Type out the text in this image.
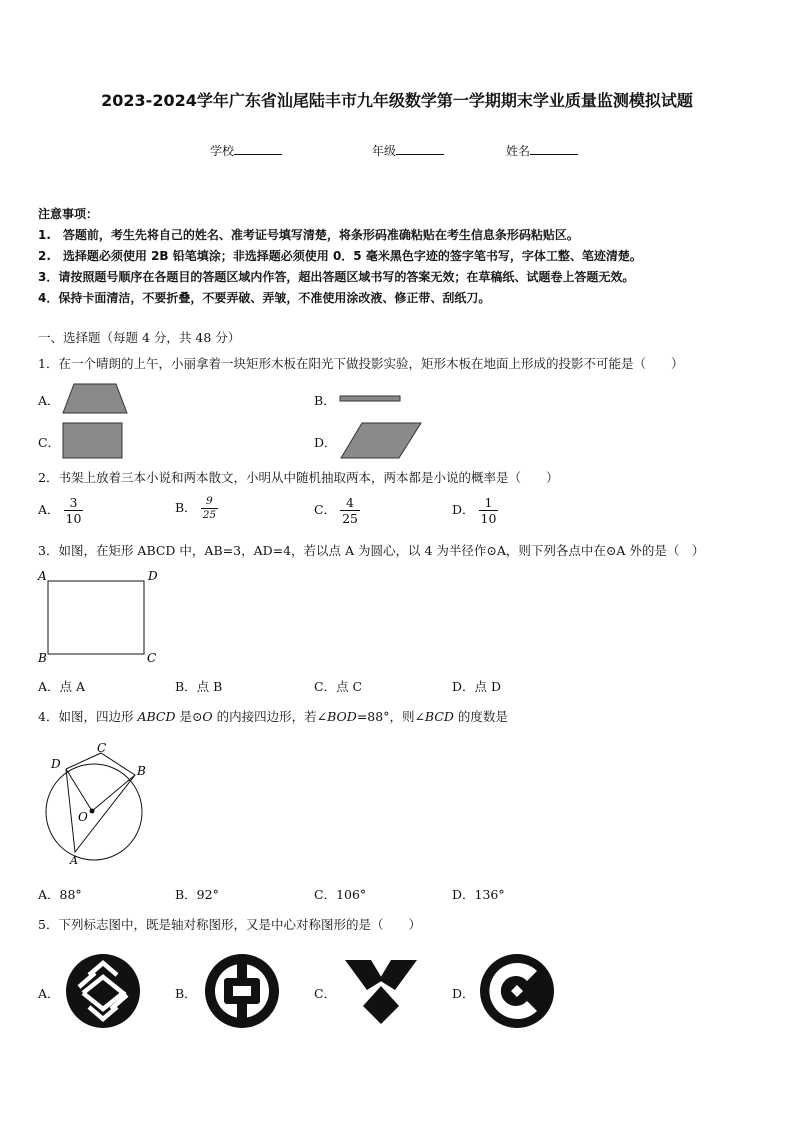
2023-2024学年广东省汕尾陆丰市九年级数学第一学期期末学业质量监测模拟试题
学校	年级	姓名
注意事项：
1.　答题前，考生先将自己的姓名、准考证号填写清楚，将条形码准确粘贴在考生信息条形码粘贴区。
2.　选择题必须使用 2B 铅笔填涂；非选择题必须使用 0．5 毫米黑色字迹的签字笔书写，字体工整、笔迹清楚。
3．请按照题号顺序在各题目的答题区域内作答，超出答题区域书写的答案无效；在草稿纸、试题卷上答题无效。
4．保持卡面清洁，不要折叠，不要弄破、弄皱，不准使用涂改液、修正带、刮纸刀。
一、选择题（每题 4 分，共 48 分）
1．在一个晴朗的上午，小丽拿着一块矩形木板在阳光下做投影实验，矩形木板在地面上形成的投影不可能是（　　）
A．	B．
C．	D．
2．书架上放着三本小说和两本散文，小明从中随机抽取两本，两本都是小说的概率是（　　）
A． $\frac{3}{10}$	B． $\frac{9}{25}$	C． $\frac{4}{25}$	D． $\frac{1}{10}$
3．如图，在矩形 ABCD 中，AB=3，AD=4，若以点 A 为圆心，以 4 为半径作⊙A，则下列各点中在⊙A 外的是（　）
A	D
B	C
A．点 A	B．点 B	C．点 C	D．点 D
4．如图，四边形 ABCD 是⊙O 的内接四边形，若∠BOD=88°，则∠BCD 的度数是
D
C
B
O
A
A．88°	B．92°	C．106°	D．136°
5．下列标志图中，既是轴对称图形，又是中心对称图形的是（　　）
A．	B．	C．	D．
